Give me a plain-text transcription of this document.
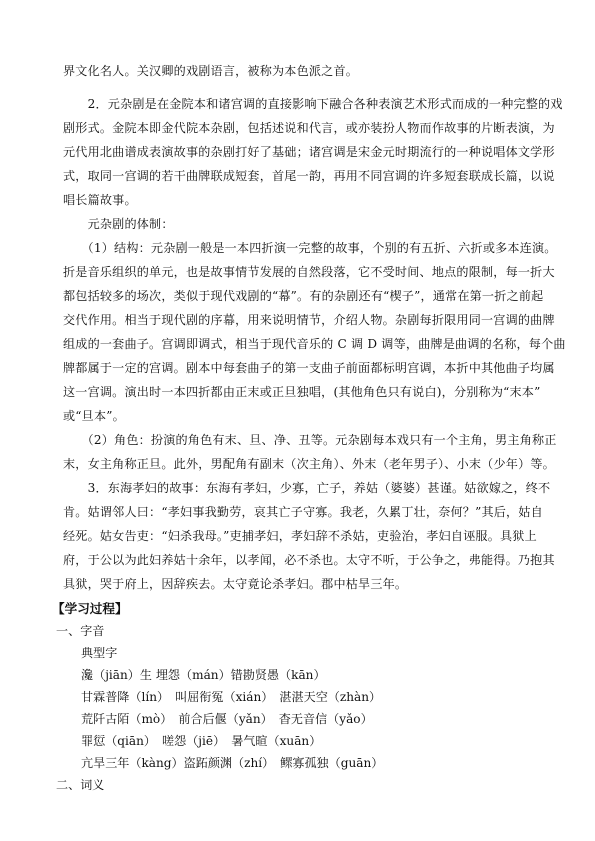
界文化名人。关汉卿的戏剧语言，被称为本色派之首。

　　2．元杂剧是在金院本和诸宫调的直接影响下融合各种表演艺术形式而成的一种完整的戏

剧形式。金院本即金代院本杂剧，包括述说和代言，或亦装扮人物而作故事的片断表演，为

元代用北曲谱成表演故事的杂剧打好了基础；诸宫调是宋金元时期流行的一种说唱体文学形

式，取同一宫调的若干曲牌联成短套，首尾一韵，再用不同宫调的许多短套联成长篇，以说

唱长篇故事。

　　元杂剧的体制：

　　（1）结构：元杂剧一般是一本四折演一完整的故事，个别的有五折、六折或多本连演。

折是音乐组织的单元，也是故事情节发展的自然段落，它不受时间、地点的限制，每一折大

都包括较多的场次，类似于现代戏剧的“幕”。有的杂剧还有“楔子”，通常在第一折之前起

交代作用。相当于现代剧的序幕，用来说明情节，介绍人物。杂剧每折限用同一宫调的曲牌

组成的一套曲子。宫调即调式，相当于现代音乐的 C 调 D 调等，曲牌是曲调的名称，每个曲

牌都属于一定的宫调。剧本中每套曲子的第一支曲子前面都标明宫调，本折中其他曲子均属

这一宫调。演出时一本四折都由正末或正旦独唱，(其他角色只有说白)，分别称为“末本”

或“旦本”。

　　（2）角色：扮演的角色有末、旦、净、丑等。元杂剧每本戏只有一个主角，男主角称正

末，女主角称正旦。此外，男配角有副末（次主角）、外末（老年男子）、小末（少年）等。

　　3．东海孝妇的故事：东海有孝妇，少寡，亡子，养姑（婆婆）甚谨。姑欲嫁之，终不

肯。姑谓邻人曰：“孝妇事我勤劳，哀其亡子守寡。我老，久累丁壮，奈何？”其后，姑自

经死。姑女告吏：“妇杀我母。”吏捕孝妇，孝妇辞不杀姑，吏验治，孝妇自诬服。具狱上

府，于公以为此妇养姑十余年，以孝闻，必不杀也。太守不听，于公争之，弗能得。乃抱其

具狱，哭于府上，因辞疾去。太守竟论杀孝妇。郡中枯旱三年。

【学习过程】
一、字音
典型字
瀺（jiān）生 埋怨（mán）错勘贤愚（kān）
甘霖普降（lín）　叫屈衔冤（xián）　湛湛天空（zhàn）
荒阡古陌（mò）　前合后偃（yǎn）　杳无音信（yǎo）
罪愆（qiān）　嗟怨（jiē）　暑气暄（xuān）
亢旱三年（kàng）盗跖颜渊（zhí）　鳏寡孤独（guān）
二、词义
